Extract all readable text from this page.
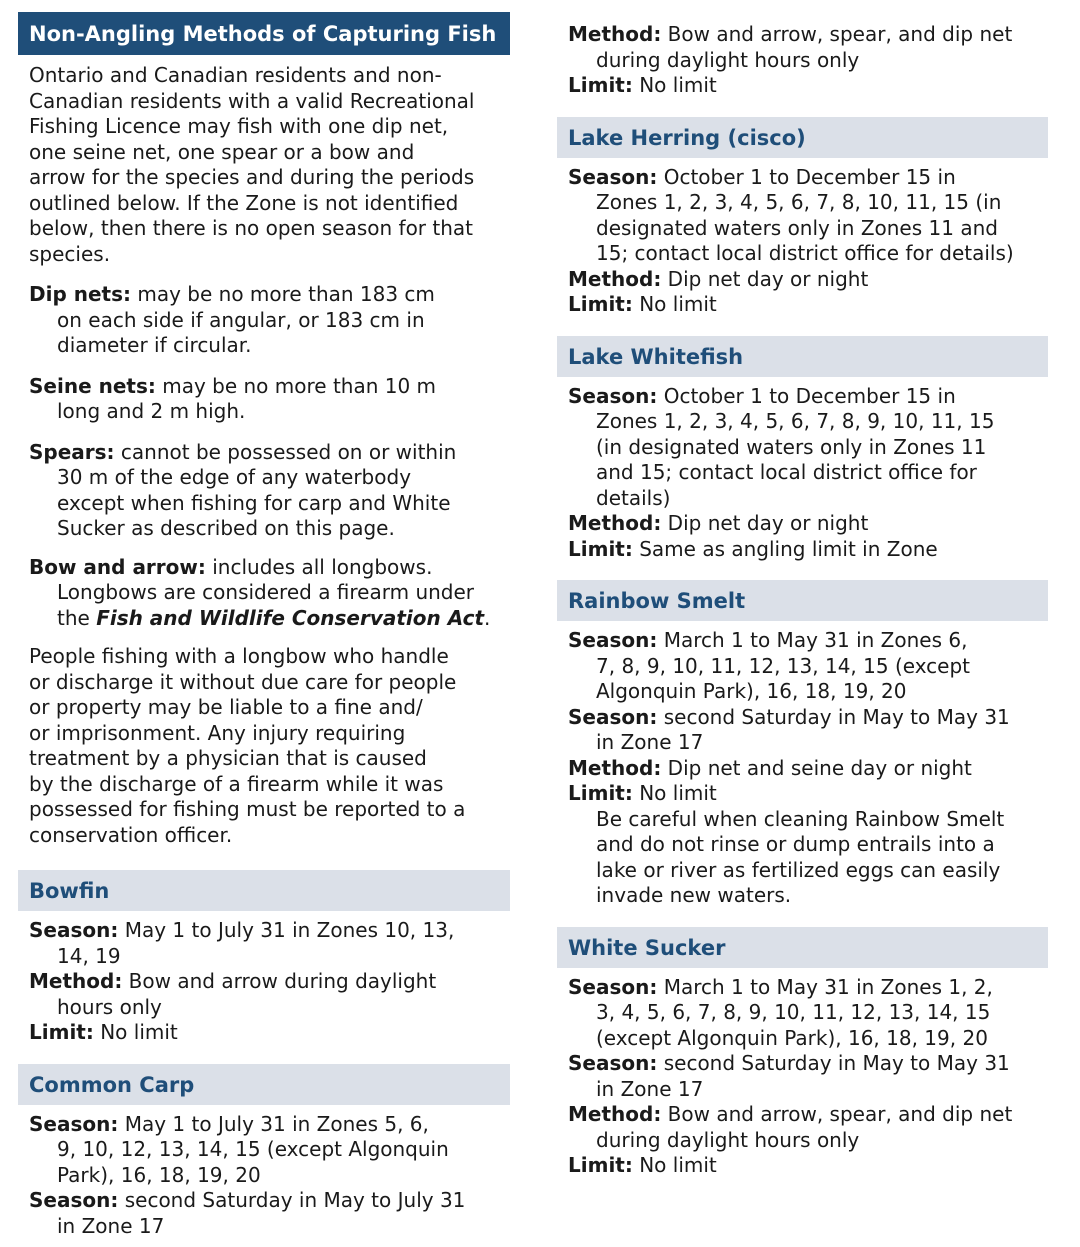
Non-Angling Methods of Capturing Fish

Ontario and Canadian residents and non-
Canadian residents with a valid Recreational
Fishing Licence may fish with one dip net,
one seine net, one spear or a bow and
arrow for the species and during the periods
outlined below. If the Zone is not identified
below, then there is no open season for that
species.

Dip nets: may be no more than 183 cm
on each side if angular, or 183 cm in
diameter if circular.

Seine nets: may be no more than 10 m
long and 2 m high.

Spears: cannot be possessed on or within
30 m of the edge of any waterbody
except when fishing for carp and White
Sucker as described on this page.

Bow and arrow: includes all longbows.
Longbows are considered a firearm under
the Fish and Wildlife Conservation Act.

People fishing with a longbow who handle
or discharge it without due care for people
or property may be liable to a fine and/
or imprisonment. Any injury requiring
treatment by a physician that is caused
by the discharge of a firearm while it was
possessed for fishing must be reported to a
conservation officer.

Bowfin

Season: May 1 to July 31 in Zones 10, 13,
14, 19

Method: Bow and arrow during daylight
hours only

Limit: No limit

Common Carp

Season: May 1 to July 31 in Zones 5, 6,
9, 10, 12, 13, 14, 15 (except Algonquin
Park), 16, 18, 19, 20

Season: second Saturday in May to July 31
in Zone 17

Method: Bow and arrow, spear, and dip net
during daylight hours only

Limit: No limit

Lake Herring (cisco)

Season: October 1 to December 15 in
Zones 1, 2, 3, 4, 5, 6, 7, 8, 10, 11, 15 (in
designated waters only in Zones 11 and
15; contact local district office for details)

Method: Dip net day or night

Limit: No limit

Lake Whitefish

Season: October 1 to December 15 in
Zones 1, 2, 3, 4, 5, 6, 7, 8, 9, 10, 11, 15
(in designated waters only in Zones 11
and 15; contact local district office for
details)

Method: Dip net day or night

Limit: Same as angling limit in Zone

Rainbow Smelt

Season: March 1 to May 31 in Zones 6,
7, 8, 9, 10, 11, 12, 13, 14, 15 (except
Algonquin Park), 16, 18, 19, 20

Season: second Saturday in May to May 31
in Zone 17

Method: Dip net and seine day or night

Limit: No limit

Be careful when cleaning Rainbow Smelt
and do not rinse or dump entrails into a
lake or river as fertilized eggs can easily
invade new waters.

White Sucker

Season: March 1 to May 31 in Zones 1, 2,
3, 4, 5, 6, 7, 8, 9, 10, 11, 12, 13, 14, 15
(except Algonquin Park), 16, 18, 19, 20

Season: second Saturday in May to May 31
in Zone 17

Method: Bow and arrow, spear, and dip net
during daylight hours only

Limit: No limit
